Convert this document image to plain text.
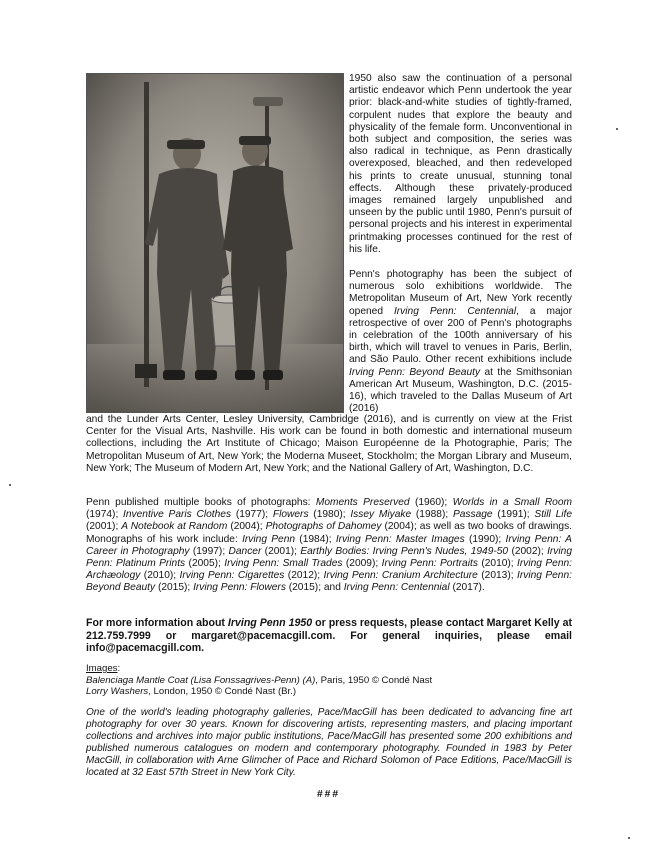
1950 also saw the continuation of a personal artistic endeavor which Penn undertook the year prior: black-and-white studies of tightly-framed, corpulent nudes that explore the beauty and physicality of the female form. Unconventional in both subject and composition, the series was also radical in technique, as Penn drastically overexposed, bleached, and then redeveloped his prints to create unusual, stunning tonal effects. Although these privately-produced images remained largely unpublished and unseen by the public until 1980, Penn's pursuit of personal projects and his interest in experimental printmaking processes continued for the rest of his life.

Penn's photography has been the subject of numerous solo exhibitions worldwide. The Metropolitan Museum of Art, New York recently opened Irving Penn: Centennial, a major retrospective of over 200 of Penn's photographs in celebration of the 100th anniversary of his birth, which will travel to venues in Paris, Berlin, and São Paulo. Other recent exhibitions include Irving Penn: Beyond Beauty at the Smithsonian American Art Museum, Washington, D.C. (2015-16), which traveled to the Dallas Museum of Art (2016)

and the Lunder Arts Center, Lesley University, Cambridge (2016), and is currently on view at the Frist Center for the Visual Arts, Nashville. His work can be found in both domestic and international museum collections, including the Art Institute of Chicago; Maison Européenne de la Photographie, Paris; The Metropolitan Museum of Art, New York; the Moderna Museet, Stockholm; the Morgan Library and Museum, New York; The Museum of Modern Art, New York; and the National Gallery of Art, Washington, D.C.

Penn published multiple books of photographs: Moments Preserved (1960); Worlds in a Small Room (1974); Inventive Paris Clothes (1977); Flowers (1980); Issey Miyake (1988); Passage (1991); Still Life (2001); A Notebook at Random (2004); Photographs of Dahomey (2004); as well as two books of drawings. Monographs of his work include: Irving Penn (1984); Irving Penn: Master Images (1990); Irving Penn: A Career in Photography (1997); Dancer (2001); Earthly Bodies: Irving Penn's Nudes, 1949-50 (2002); Irving Penn: Platinum Prints (2005); Irving Penn: Small Trades (2009); Irving Penn: Portraits (2010); Irving Penn: Archæology (2010); Irving Penn: Cigarettes (2012); Irving Penn: Cranium Architecture (2013); Irving Penn: Beyond Beauty (2015); Irving Penn: Flowers (2015); and Irving Penn: Centennial (2017).

For more information about Irving Penn 1950 or press requests, please contact Margaret Kelly at 212.759.7999 or margaret@pacemacgill.com. For general inquiries, please email info@pacemacgill.com.

Images:

Balenciaga Mantle Coat (Lisa Fonssagrives-Penn) (A), Paris, 1950 © Condé Nast

Lorry Washers, London, 1950 © Condé Nast (Br.)

One of the world's leading photography galleries, Pace/MacGill has been dedicated to advancing fine art photography for over 30 years. Known for discovering artists, representing masters, and placing important collections and archives into major public institutions, Pace/MacGill has presented some 200 exhibitions and published numerous catalogues on modern and contemporary photography. Founded in 1983 by Peter MacGill, in collaboration with Arne Glimcher of Pace and Richard Solomon of Pace Editions, Pace/MacGill is located at 32 East 57th Street in New York City.

###
